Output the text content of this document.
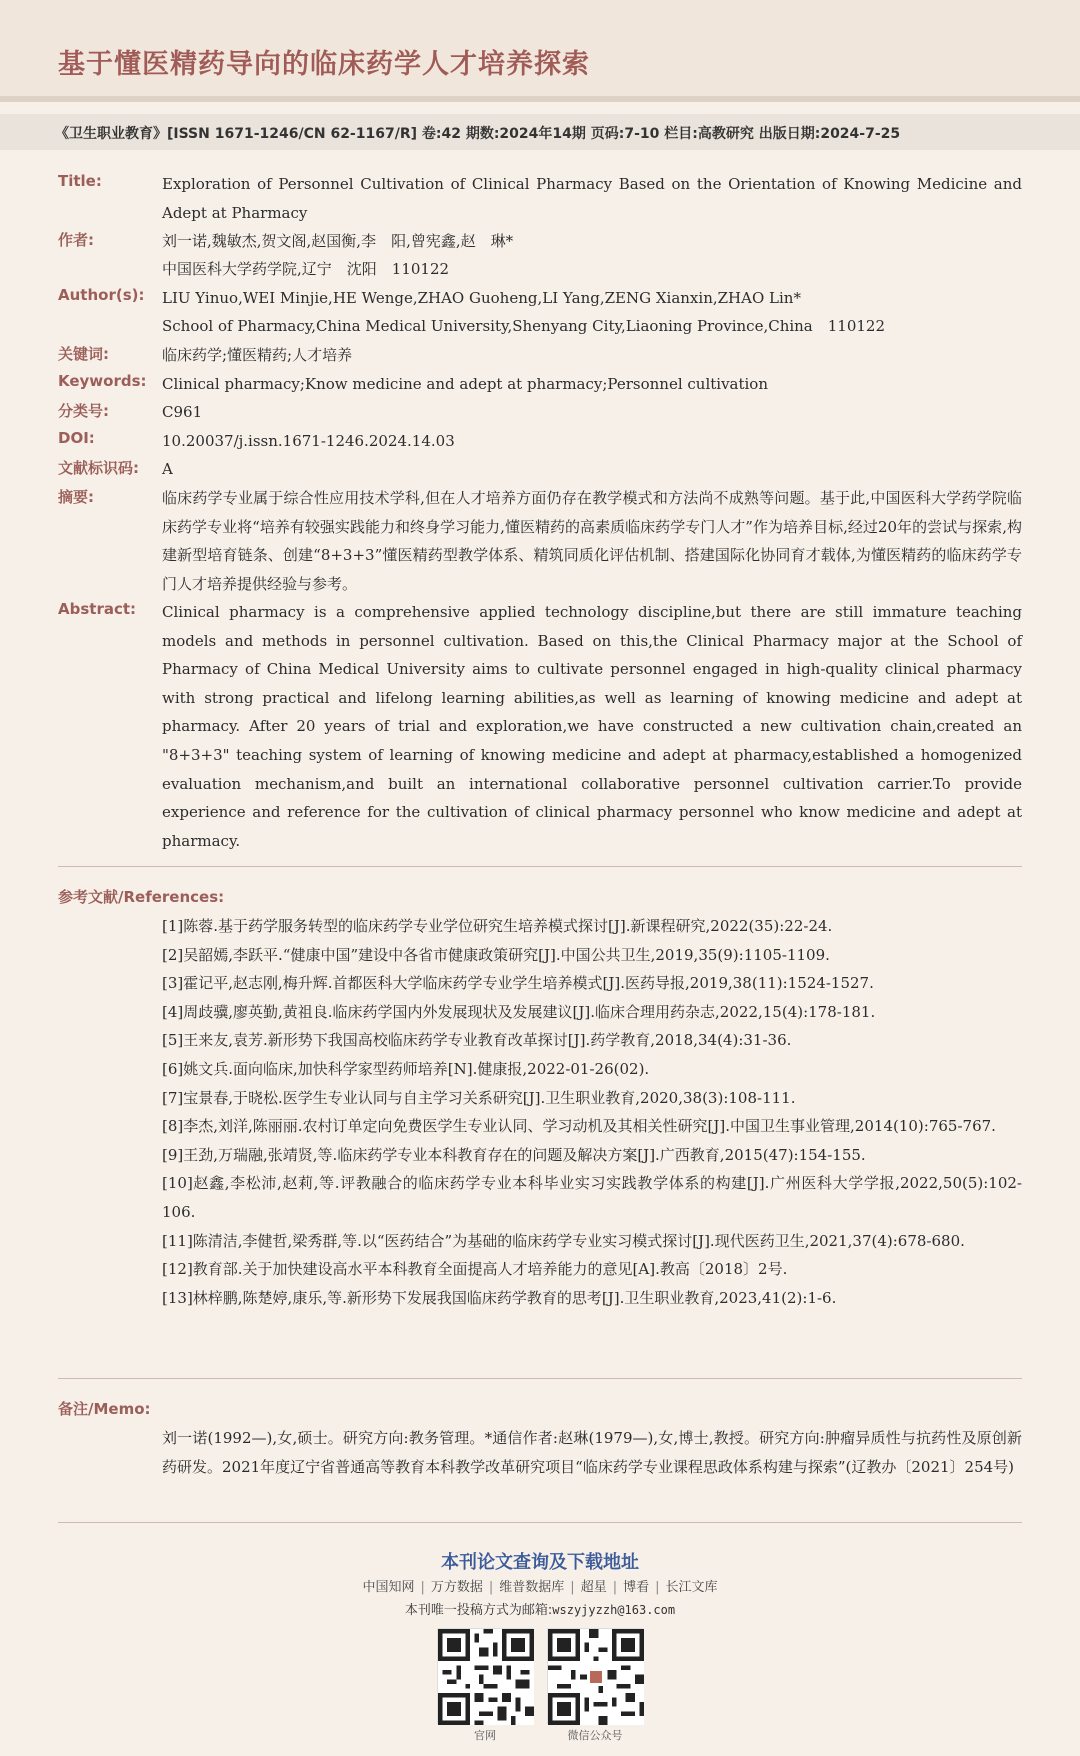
基于懂医精药导向的临床药学人才培养探索
《卫生职业教育》[ISSN 1671-1246/CN 62-1167/R] 卷:42 期数:2024年14期 页码:7-10 栏目:高教研究 出版日期:2024-7-25
Title:	Exploration of Personnel Cultivation of Clinical Pharmacy Based on the Orientation of Knowing Medicine and Adept at Pharmacy
作者:	刘一诺,魏敏杰,贺文阁,赵国衡,李　阳,曾宪鑫,赵　琳*
中国医科大学药学院,辽宁　沈阳　110122
Author(s): LIU Yinuo,WEI Minjie,HE Wenge,ZHAO Guoheng,LI Yang,ZENG Xianxin,ZHAO Lin*
School of Pharmacy,China Medical University,Shenyang City,Liaoning Province,China　110122
关键词:	临床药学;懂医精药;人才培养
Keywords: Clinical pharmacy;Know medicine and adept at pharmacy;Personnel cultivation
分类号:	C961
DOI:	10.20037/j.issn.1671-1246.2024.14.03
文献标识码: A
摘要:	临床药学专业属于综合性应用技术学科,但在人才培养方面仍存在教学模式和方法尚不成熟等问题。基于此,中国医科大学药学院临床药学专业将“培养有较强实践能力和终身学习能力,懂医精药的高素质临床药学专门人才”作为培养目标,经过20年的尝试与探索,构建新型培育链条、创建“8+3+3”懂医精药型教学体系、精筑同质化评估机制、搭建国际化协同育才载体,为懂医精药的临床药学专门人才培养提供经验与参考。
Abstract: Clinical pharmacy is a comprehensive applied technology discipline,but there are still immature teaching models and methods in personnel cultivation. Based on this,the Clinical Pharmacy major at the School of Pharmacy of China Medical University aims to cultivate personnel engaged in high-quality clinical pharmacy with strong practical and lifelong learning abilities,as well as learning of knowing medicine and adept at pharmacy. After 20 years of trial and exploration,we have constructed a new cultivation chain,created an "8+3+3" teaching system of learning of knowing medicine and adept at pharmacy,established a homogenized evaluation mechanism,and built an international collaborative personnel cultivation carrier.To provide experience and reference for the cultivation of clinical pharmacy personnel who know medicine and adept at pharmacy.
参考文献/References:
[1]陈蓉.基于药学服务转型的临床药学专业学位研究生培养模式探讨[J].新课程研究,2022(35):22-24.
[2]吴韶嫣,李跃平.“健康中国”建设中各省市健康政策研究[J].中国公共卫生,2019,35(9):1105-1109.
[3]霍记平,赵志刚,梅升辉.首都医科大学临床药学专业学生培养模式[J].医药导报,2019,38(11):1524-1527.
[4]周歧骥,廖英勤,黄祖良.临床药学国内外发展现状及发展建议[J].临床合理用药杂志,2022,15(4):178-181.
[5]王来友,袁芳.新形势下我国高校临床药学专业教育改革探讨[J].药学教育,2018,34(4):31-36.
[6]姚文兵.面向临床,加快科学家型药师培养[N].健康报,2022-01-26(02).
[7]宝景春,于晓松.医学生专业认同与自主学习关系研究[J].卫生职业教育,2020,38(3):108-111.
[8]李杰,刘洋,陈丽丽.农村订单定向免费医学生专业认同、学习动机及其相关性研究[J].中国卫生事业管理,2014(10):765-767.
[9]王劲,万瑞融,张靖贤,等.临床药学专业本科教育存在的问题及解决方案[J].广西教育,2015(47):154-155.
[10]赵鑫,李松沛,赵莉,等.评教融合的临床药学专业本科毕业实习实践教学体系的构建[J].广州医科大学学报,2022,50(5):102-106.
[11]陈清洁,李健哲,梁秀群,等.以“医药结合”为基础的临床药学专业实习模式探讨[J].现代医药卫生,2021,37(4):678-680.
[12]教育部.关于加快建设高水平本科教育全面提高人才培养能力的意见[A].教高〔2018〕2号.
[13]林梓鹏,陈楚婷,康乐,等.新形势下发展我国临床药学教育的思考[J].卫生职业教育,2023,41(2):1-6.
备注/Memo:
刘一诺(1992—),女,硕士。研究方向:教务管理。*通信作者:赵琳(1979—),女,博士,教授。研究方向:肿瘤异质性与抗药性及原创新药研发。2021年度辽宁省普通高等教育本科教学改革研究项目“临床药学专业课程思政体系构建与探索”(辽教办〔2021〕254号)
本刊论文查询及下载地址
中国知网 | 万方数据 | 维普数据库 | 超星 | 博看 | 长江文库
本刊唯一投稿方式为邮箱:wszyjyzzh@163.com
官网	微信公众号
